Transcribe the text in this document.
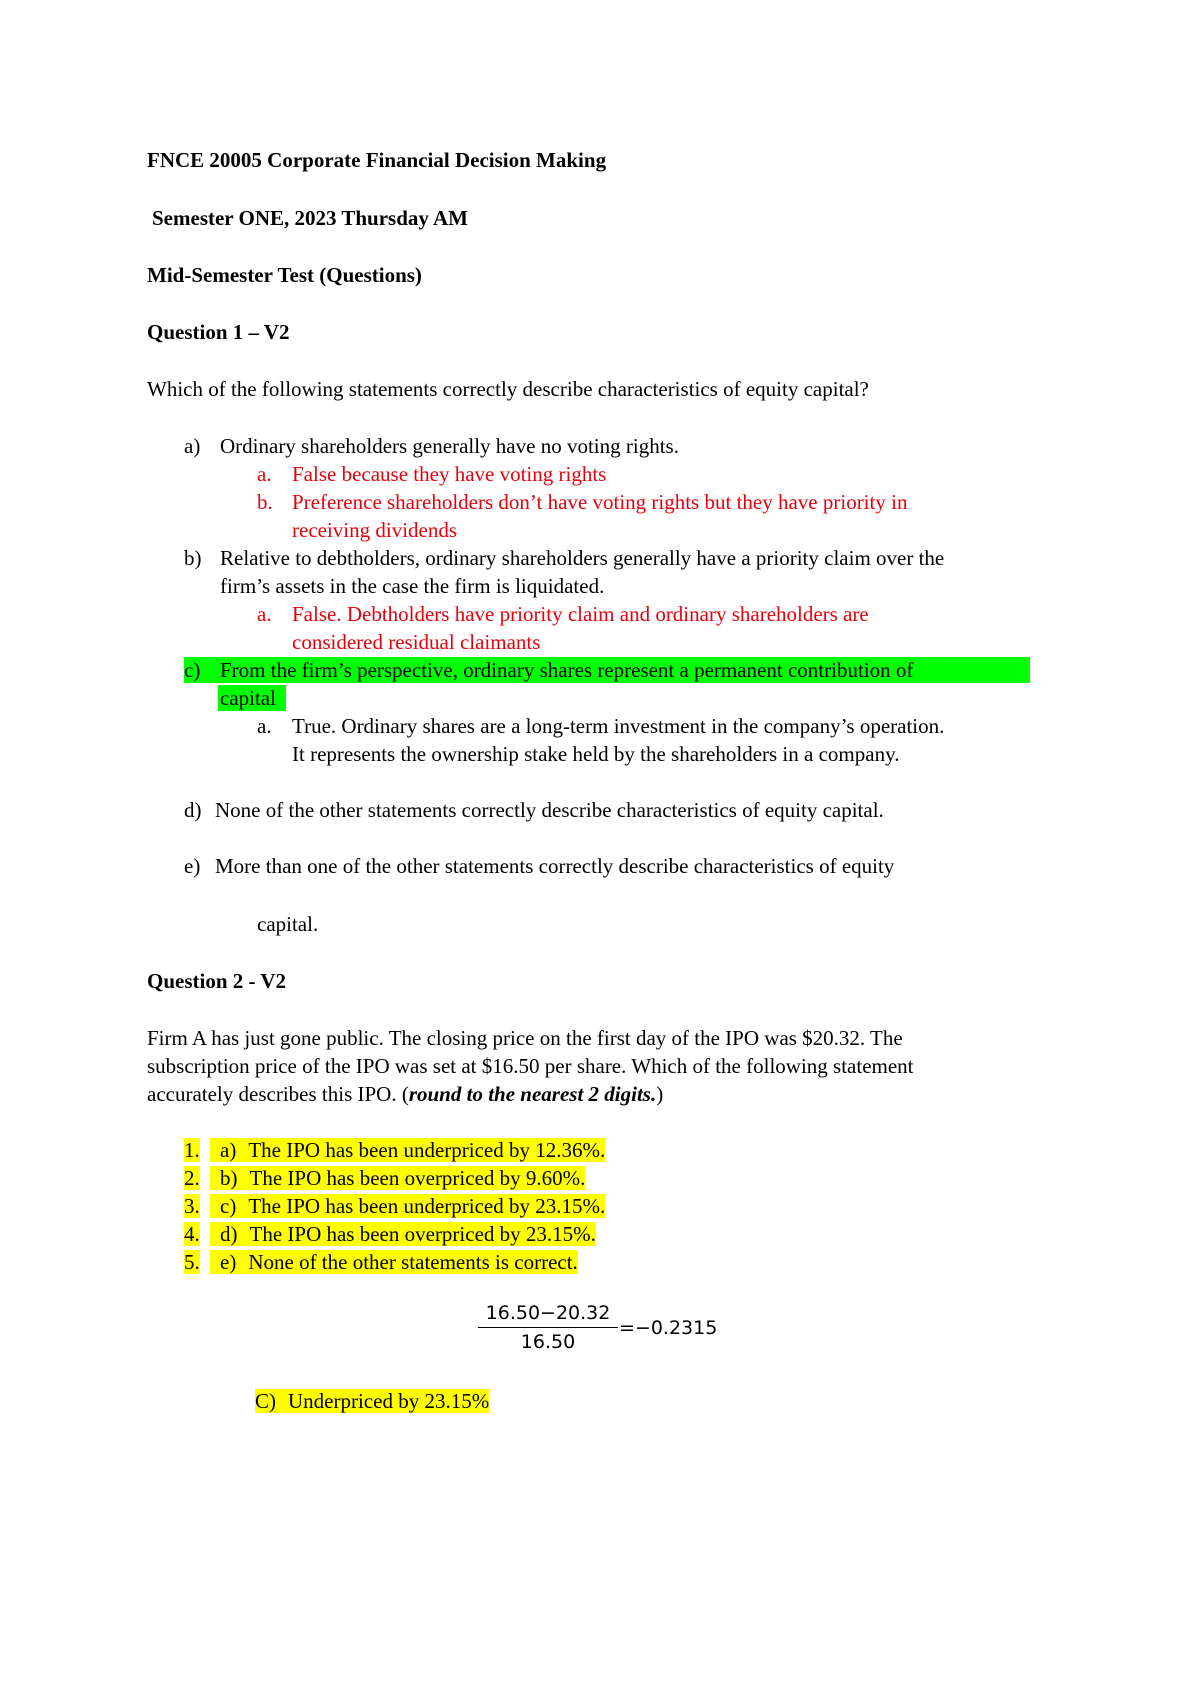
FNCE 20005 Corporate Financial Decision Making
Semester ONE, 2023 Thursday AM
Mid-Semester Test (Questions)
Question 1 – V2
Which of the following statements correctly describe characteristics of equity capital?
a) Ordinary shareholders generally have no voting rights.
a. False because they have voting rights
b. Preference shareholders don’t have voting rights but they have priority in
receiving dividends
b) Relative to debtholders, ordinary shareholders generally have a priority claim over the
firm’s assets in the case the firm is liquidated.
a. False. Debtholders have priority claim and ordinary shareholders are
considered residual claimants
c) From the firm’s perspective, ordinary shares represent a permanent contribution of
capital
a. True. Ordinary shares are a long-term investment in the company’s operation.
It represents the ownership stake held by the shareholders in a company.
d) None of the other statements correctly describe characteristics of equity capital.
e) More than one of the other statements correctly describe characteristics of equity
capital.
Question 2 - V2
Firm A has just gone public. The closing price on the first day of the IPO was $20.32. The
subscription price of the IPO was set at $16.50 per share. Which of the following statement
accurately describes this IPO. (round to the nearest 2 digits.)
1. a) The IPO has been underpriced by 12.36%.
2. b) The IPO has been overpriced by 9.60%.
3. c) The IPO has been underpriced by 23.15%.
4. d) The IPO has been overpriced by 23.15%.
5. e) None of the other statements is correct.
16.50−20.32
16.50
=−0.2315
C) Underpriced by 23.15%
